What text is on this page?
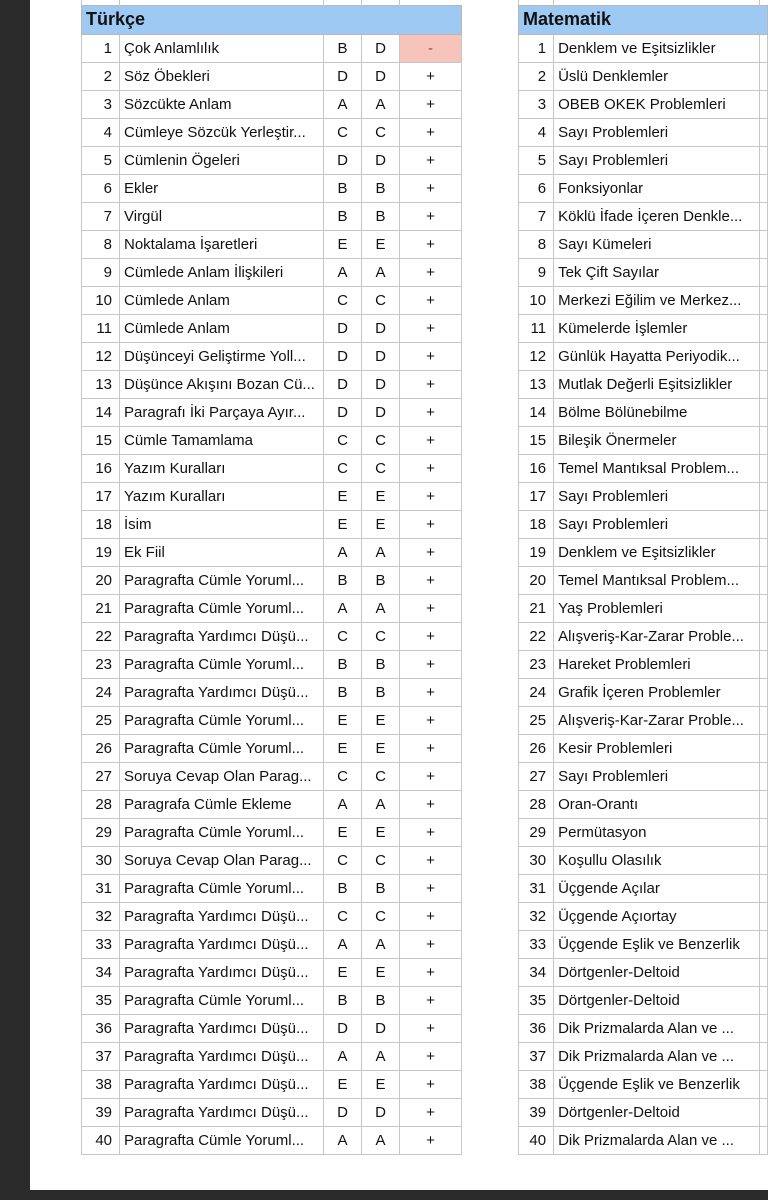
Türkçe				
1	Çok Anlamlılık	B	D	-
2	Söz Öbekleri	D	D	+
3	Sözcükte Anlam	A	A	+
4	Cümleye Sözcük Yerleştir...	C	C	+
5	Cümlenin Ögeleri	D	D	+
6	Ekler	B	B	+
7	Virgül	B	B	+
8	Noktalama İşaretleri	E	E	+
9	Cümlede Anlam İlişkileri	A	A	+
10	Cümlede Anlam	C	C	+
11	Cümlede Anlam	D	D	+
12	Düşünceyi Geliştirme Yoll...	D	D	+
13	Düşünce Akışını Bozan Cü...	D	D	+
14	Paragrafı İki Parçaya Ayır...	D	D	+
15	Cümle Tamamlama	C	C	+
16	Yazım Kuralları	C	C	+
17	Yazım Kuralları	E	E	+
18	İsim	E	E	+
19	Ek Fiil	A	A	+
20	Paragrafta Cümle Yoruml...	B	B	+
21	Paragrafta Cümle Yoruml...	A	A	+
22	Paragrafta Yardımcı Düşü...	C	C	+
23	Paragrafta Cümle Yoruml...	B	B	+
24	Paragrafta Yardımcı Düşü...	B	B	+
25	Paragrafta Cümle Yoruml...	E	E	+
26	Paragrafta Cümle Yoruml...	E	E	+
27	Soruya Cevap Olan Parag...	C	C	+
28	Paragrafa Cümle Ekleme	A	A	+
29	Paragrafta Cümle Yoruml...	E	E	+
30	Soruya Cevap Olan Parag...	C	C	+
31	Paragrafta Cümle Yoruml...	B	B	+
32	Paragrafta Yardımcı Düşü...	C	C	+
33	Paragrafta Yardımcı Düşü...	A	A	+
34	Paragrafta Yardımcı Düşü...	E	E	+
35	Paragrafta Cümle Yoruml...	B	B	+
36	Paragrafta Yardımcı Düşü...	D	D	+
37	Paragrafta Yardımcı Düşü...	A	A	+
38	Paragrafta Yardımcı Düşü...	E	E	+
39	Paragrafta Yardımcı Düşü...	D	D	+
40	Paragrafta Cümle Yoruml...	A	A	+

Matematik		
1	Denklem ve Eşitsizlikler	
2	Üslü Denklemler	
3	OBEB OKEK Problemleri	
4	Sayı Problemleri	
5	Sayı Problemleri	
6	Fonksiyonlar	
7	Köklü İfade İçeren Denkle...	
8	Sayı Kümeleri	
9	Tek Çift Sayılar	
10	Merkezi Eğilim ve Merkez...	
11	Kümelerde İşlemler	
12	Günlük Hayatta Periyodik...	
13	Mutlak Değerli Eşitsizlikler	
14	Bölme Bölünebilme	
15	Bileşik Önermeler	
16	Temel Mantıksal Problem...	
17	Sayı Problemleri	
18	Sayı Problemleri	
19	Denklem ve Eşitsizlikler	
20	Temel Mantıksal Problem...	
21	Yaş Problemleri	
22	Alışveriş-Kar-Zarar Proble...	
23	Hareket Problemleri	
24	Grafik İçeren Problemler	
25	Alışveriş-Kar-Zarar Proble...	
26	Kesir Problemleri	
27	Sayı Problemleri	
28	Oran-Orantı	
29	Permütasyon	
30	Koşullu Olasılık	
31	Üçgende Açılar	
32	Üçgende Açıortay	
33	Üçgende Eşlik ve Benzerlik	
34	Dörtgenler-Deltoid	
35	Dörtgenler-Deltoid	
36	Dik Prizmalarda Alan ve ...	
37	Dik Prizmalarda Alan ve ...	
38	Üçgende Eşlik ve Benzerlik	
39	Dörtgenler-Deltoid	
40	Dik Prizmalarda Alan ve ...	
